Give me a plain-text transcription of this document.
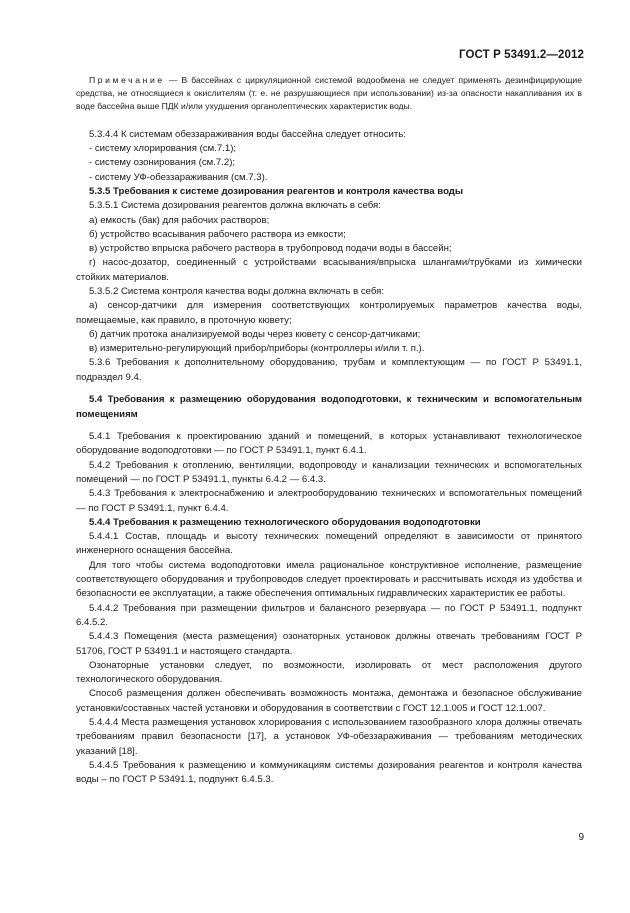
ГОСТ Р 53491.2—2012

Примечание — В бассейнах с циркуляционной системой водообмена не следует применять дезинфицирующие средства, не относящиеся к окислителям (т. е. не разрушающиеся при использовании) из-за опасности накапливания их в воде бассейна выше ПДК и/или ухудшения органолептических характеристик воды.

5.3.4.4 К системам обеззараживания воды бассейна следует относить:

- систему хлорирования (см.7.1);

- систему озонирования (см.7.2);

- систему УФ-обеззараживания (см.7.3).

5.3.5 Требования к системе дозирования реагентов и контроля качества воды

5.3.5.1 Система дозирования реагентов должна включать в себя:

а) емкость (бак) для рабочих растворов;

б) устройство всасывания рабочего раствора из емкости;

в) устройство впрыска рабочего раствора в трубопровод подачи воды в бассейн;

г) насос-дозатор, соединенный с устройствами всасывания/впрыска шлангами/трубками из химически стойких материалов.

5.3.5.2 Система контроля качества воды должна включать в себя:

а) сенсор-датчики для измерения соответствующих контролируемых параметров качества воды, помещаемые, как правило, в проточную кювету;

б) датчик протока анализируемой воды через кювету с сенсор-датчиками;

в) измерительно-регулирующий прибор/приборы (контроллеры и/или т. п.).

5.3.6 Требования к дополнительному оборудованию, трубам и комплектующим — по ГОСТ Р 53491.1, подраздел 9.4.

5.4 Требования к размещению оборудования водоподготовки, к техническим и вспомогательным помещениям

5.4.1 Требования к проектированию зданий и помещений, в которых устанавливают технологическое оборудование водоподготовки — по ГОСТ Р 53491.1, пункт 6.4.1.

5.4.2 Требования к отоплению, вентиляции, водопроводу и канализации технических и вспомогательных помещений — по ГОСТ Р 53491.1, пункты 6.4.2 — 6.4.3.

5.4.3 Требования к электроснабжению и электрооборудованию технических и вспомогательных помещений — по ГОСТ Р 53491.1, пункт 6.4.4.

5.4.4 Требования к размещению технологического оборудования водоподготовки

5.4.4.1 Состав, площадь и высоту технических помещений определяют в зависимости от принятого инженерного оснащения бассейна.

Для того чтобы система водоподготовки имела рациональное конструктивное исполнение, размещение соответствующего оборудования и трубопроводов следует проектировать и рассчитывать исходя из удобства и безопасности ее эксплуатации, а также обеспечения оптимальных гидравлических характеристик ее работы.

5.4.4.2 Требования при размещении фильтров и балансного резервуара — по ГОСТ Р 53491.1, подпункт 6.4.5.2.

5.4.4.3 Помещения (места размещения) озонаторных установок должны отвечать требованиям ГОСТ Р 51706, ГОСТ Р 53491.1 и настоящего стандарта.

Озонаторные установки следует, по возможности, изолировать от мест расположения другого технологического оборудования.

Способ размещения должен обеспечивать возможность монтажа, демонтажа и безопасное обслуживание установки/составных частей установки и оборудования в соответствии с ГОСТ 12.1.005 и ГОСТ 12.1.007.

5.4.4.4 Места размещения установок хлорирования с использованием газообразного хлора должны отвечать требованиям правил безопасности [17], а установок УФ-обеззараживания — требованиям методических указаний [18].

5.4.4.5 Требования к размещению и коммуникациям системы дозирования реагентов и контроля качества воды – по ГОСТ Р 53491.1, подпункт 6.4.5.3.

9
